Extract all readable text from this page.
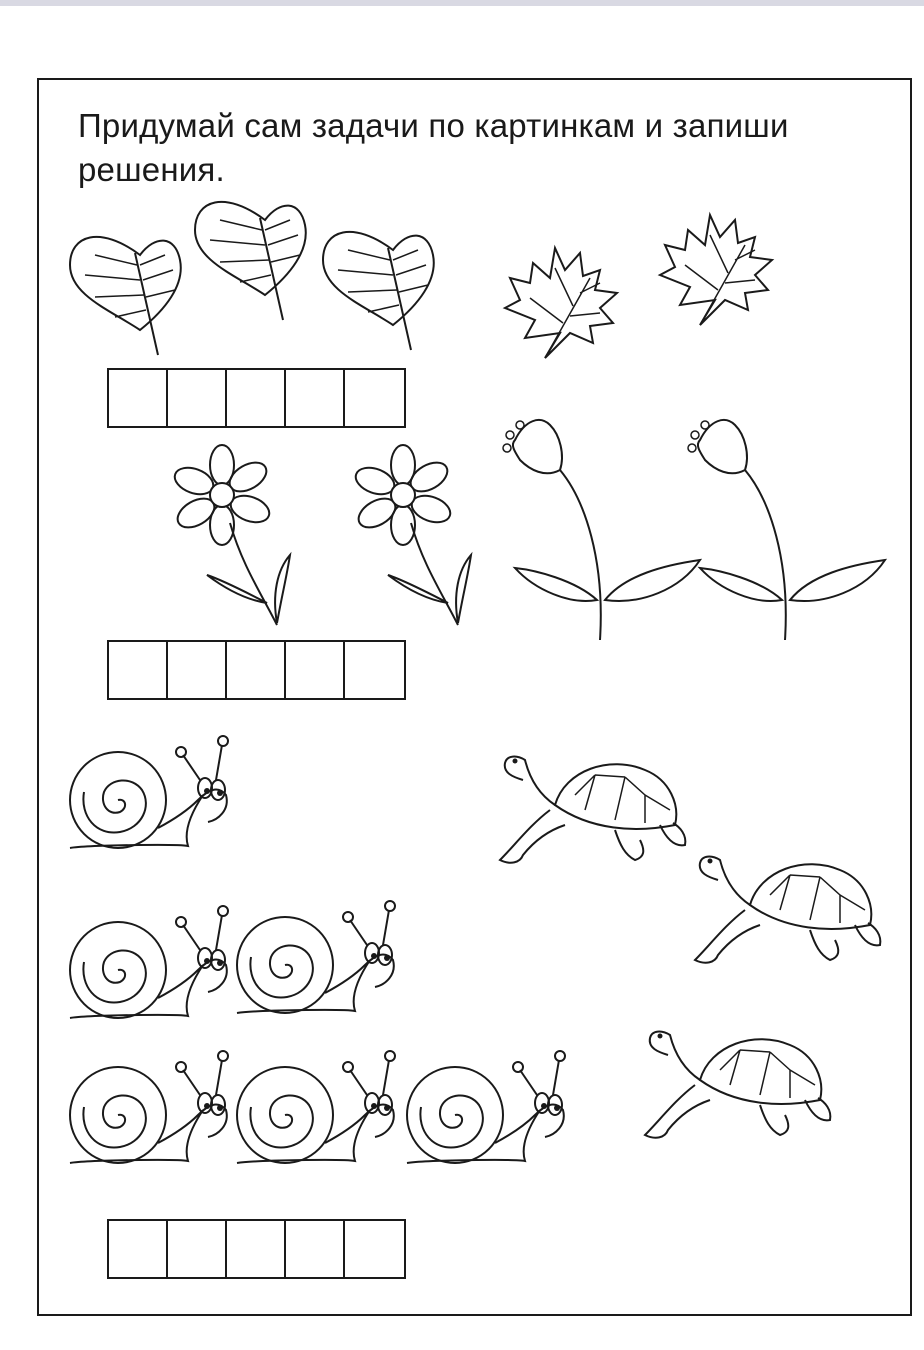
Придумай сам задачи по картинкам и запиши решения.
